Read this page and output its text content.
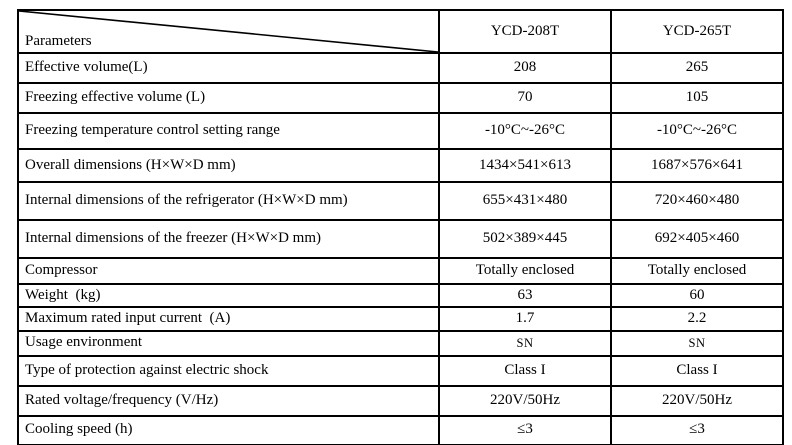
Parameters	YCD-208T	YCD-265T
Effective volume(L)	208	265
Freezing effective volume (L)	70	105
Freezing temperature control setting range	-10°C~-26°C	-10°C~-26°C
Overall dimensions (H×W×D mm)	1434×541×613	1687×576×641
Internal dimensions of the refrigerator (H×W×D mm)	655×431×480	720×460×480
Internal dimensions of the freezer (H×W×D mm)	502×389×445	692×405×460
Compressor	Totally enclosed	Totally enclosed
Weight  (kg)	63	60
Maximum rated input current  (A)	1.7	2.2
Usage environment	SN	SN
Type of protection against electric shock	Class I	Class I
Rated voltage/frequency (V/Hz)	220V/50Hz	220V/50Hz
Cooling speed (h)	≤3	≤3
